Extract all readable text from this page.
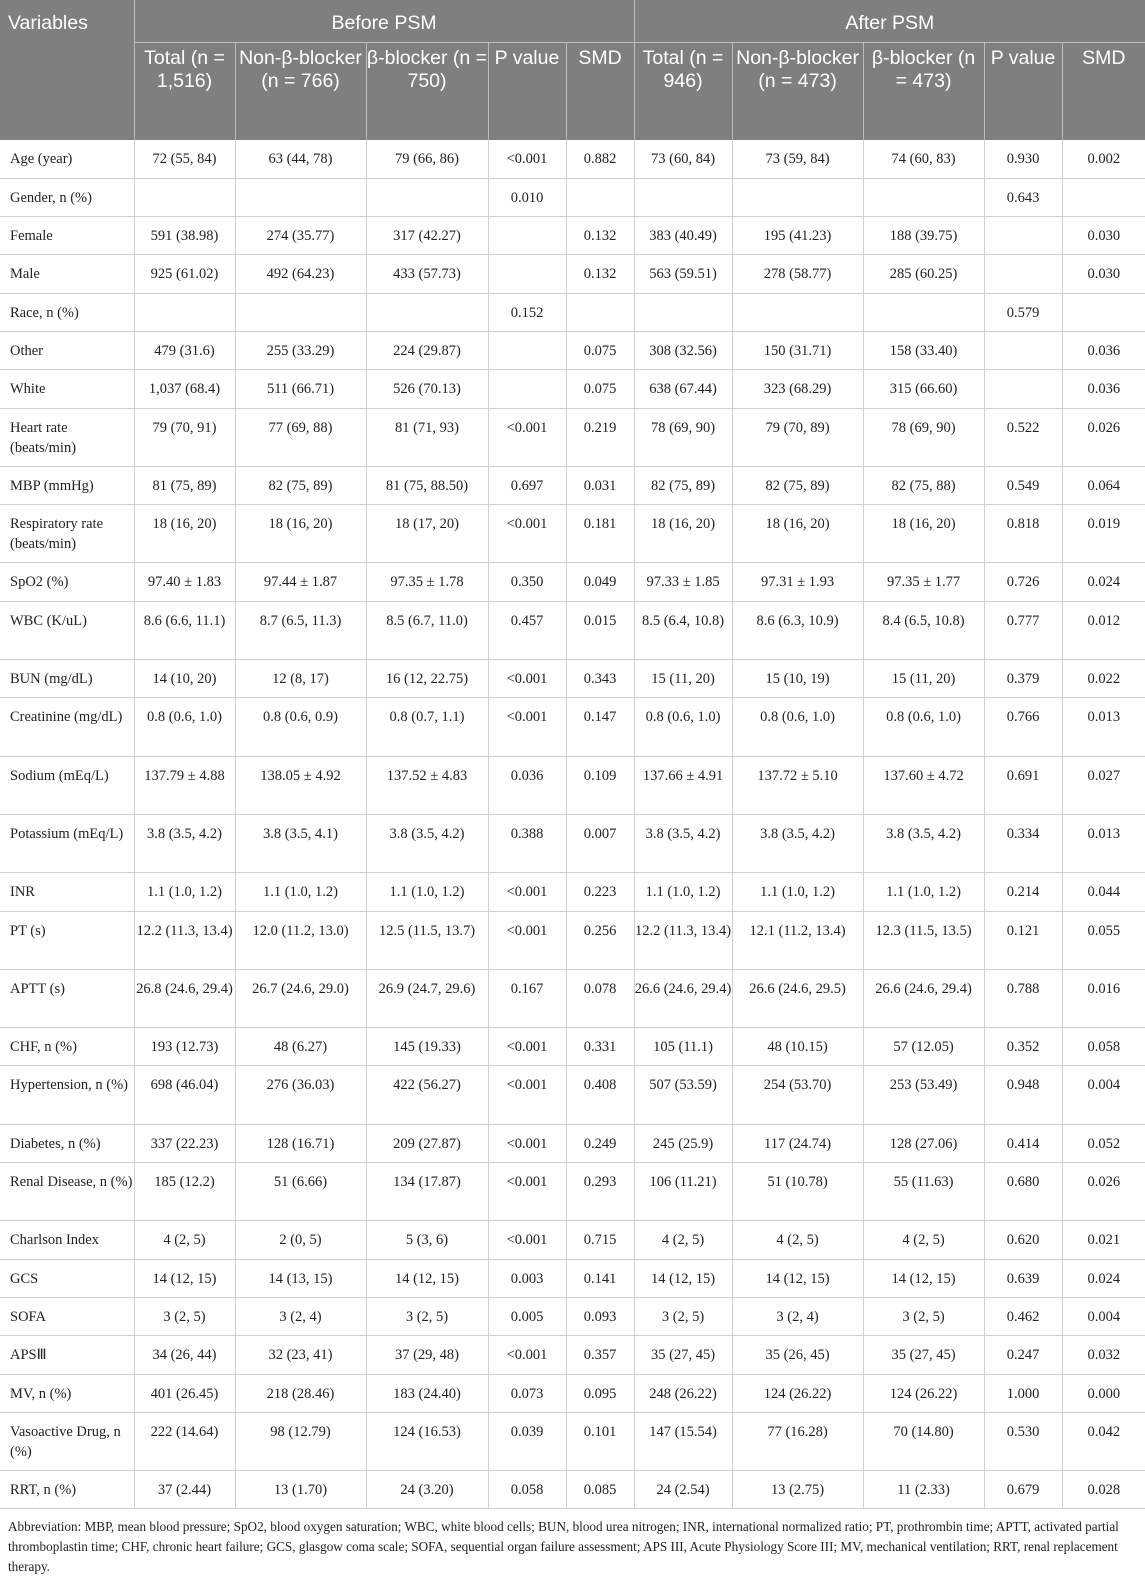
Variables	Before PSM					After PSM				
	Total (n = 1,516)	Non-β-blocker (n = 766)	β-blocker (n = 750)	P value	SMD	Total (n = 946)	Non-β-blocker (n = 473)	β-blocker (n = 473)	P value	SMD
Age (year)	72 (55, 84)	63 (44, 78)	79 (66, 86)	<0.001	0.882	73 (60, 84)	73 (59, 84)	74 (60, 83)	0.930	0.002
Gender, n (%)				0.010					0.643	
Female	591 (38.98)	274 (35.77)	317 (42.27)		0.132	383 (40.49)	195 (41.23)	188 (39.75)		0.030
Male	925 (61.02)	492 (64.23)	433 (57.73)		0.132	563 (59.51)	278 (58.77)	285 (60.25)		0.030
Race, n (%)				0.152					0.579	
Other	479 (31.6)	255 (33.29)	224 (29.87)		0.075	308 (32.56)	150 (31.71)	158 (33.40)		0.036
White	1,037 (68.4)	511 (66.71)	526 (70.13)		0.075	638 (67.44)	323 (68.29)	315 (66.60)		0.036
Heart rate (beats/min)	79 (70, 91)	77 (69, 88)	81 (71, 93)	<0.001	0.219	78 (69, 90)	79 (70, 89)	78 (69, 90)	0.522	0.026
MBP (mmHg)	81 (75, 89)	82 (75, 89)	81 (75, 88.50)	0.697	0.031	82 (75, 89)	82 (75, 89)	82 (75, 88)	0.549	0.064
Respiratory rate (beats/min)	18 (16, 20)	18 (16, 20)	18 (17, 20)	<0.001	0.181	18 (16, 20)	18 (16, 20)	18 (16, 20)	0.818	0.019
SpO2 (%)	97.40 ± 1.83	97.44 ± 1.87	97.35 ± 1.78	0.350	0.049	97.33 ± 1.85	97.31 ± 1.93	97.35 ± 1.77	0.726	0.024
WBC (K/uL)	8.6 (6.6, 11.1)	8.7 (6.5, 11.3)	8.5 (6.7, 11.0)	0.457	0.015	8.5 (6.4, 10.8)	8.6 (6.3, 10.9)	8.4 (6.5, 10.8)	0.777	0.012
BUN (mg/dL)	14 (10, 20)	12 (8, 17)	16 (12, 22.75)	<0.001	0.343	15 (11, 20)	15 (10, 19)	15 (11, 20)	0.379	0.022
Creatinine (mg/dL)	0.8 (0.6, 1.0)	0.8 (0.6, 0.9)	0.8 (0.7, 1.1)	<0.001	0.147	0.8 (0.6, 1.0)	0.8 (0.6, 1.0)	0.8 (0.6, 1.0)	0.766	0.013
Sodium (mEq/L)	137.79 ± 4.88	138.05 ± 4.92	137.52 ± 4.83	0.036	0.109	137.66 ± 4.91	137.72 ± 5.10	137.60 ± 4.72	0.691	0.027
Potassium (mEq/L)	3.8 (3.5, 4.2)	3.8 (3.5, 4.1)	3.8 (3.5, 4.2)	0.388	0.007	3.8 (3.5, 4.2)	3.8 (3.5, 4.2)	3.8 (3.5, 4.2)	0.334	0.013
INR	1.1 (1.0, 1.2)	1.1 (1.0, 1.2)	1.1 (1.0, 1.2)	<0.001	0.223	1.1 (1.0, 1.2)	1.1 (1.0, 1.2)	1.1 (1.0, 1.2)	0.214	0.044
PT (s)	12.2 (11.3, 13.4)	12.0 (11.2, 13.0)	12.5 (11.5, 13.7)	<0.001	0.256	12.2 (11.3, 13.4)	12.1 (11.2, 13.4)	12.3 (11.5, 13.5)	0.121	0.055
APTT (s)	26.8 (24.6, 29.4)	26.7 (24.6, 29.0)	26.9 (24.7, 29.6)	0.167	0.078	26.6 (24.6, 29.4)	26.6 (24.6, 29.5)	26.6 (24.6, 29.4)	0.788	0.016
CHF, n (%)	193 (12.73)	48 (6.27)	145 (19.33)	<0.001	0.331	105 (11.1)	48 (10.15)	57 (12.05)	0.352	0.058
Hypertension, n (%)	698 (46.04)	276 (36.03)	422 (56.27)	<0.001	0.408	507 (53.59)	254 (53.70)	253 (53.49)	0.948	0.004
Diabetes, n (%)	337 (22.23)	128 (16.71)	209 (27.87)	<0.001	0.249	245 (25.9)	117 (24.74)	128 (27.06)	0.414	0.052
Renal Disease, n (%)	185 (12.2)	51 (6.66)	134 (17.87)	<0.001	0.293	106 (11.21)	51 (10.78)	55 (11.63)	0.680	0.026
Charlson Index	4 (2, 5)	2 (0, 5)	5 (3, 6)	<0.001	0.715	4 (2, 5)	4 (2, 5)	4 (2, 5)	0.620	0.021
GCS	14 (12, 15)	14 (13, 15)	14 (12, 15)	0.003	0.141	14 (12, 15)	14 (12, 15)	14 (12, 15)	0.639	0.024
SOFA	3 (2, 5)	3 (2, 4)	3 (2, 5)	0.005	0.093	3 (2, 5)	3 (2, 4)	3 (2, 5)	0.462	0.004
APSⅢ	34 (26, 44)	32 (23, 41)	37 (29, 48)	<0.001	0.357	35 (27, 45)	35 (26, 45)	35 (27, 45)	0.247	0.032
MV, n (%)	401 (26.45)	218 (28.46)	183 (24.40)	0.073	0.095	248 (26.22)	124 (26.22)	124 (26.22)	1.000	0.000
Vasoactive Drug, n (%)	222 (14.64)	98 (12.79)	124 (16.53)	0.039	0.101	147 (15.54)	77 (16.28)	70 (14.80)	0.530	0.042
RRT, n (%)	37 (2.44)	13 (1.70)	24 (3.20)	0.058	0.085	24 (2.54)	13 (2.75)	11 (2.33)	0.679	0.028
Abbreviation: MBP, mean blood pressure; SpO2, blood oxygen saturation; WBC, white blood cells; BUN, blood urea nitrogen; INR, international normalized ratio; PT, prothrombin time; APTT, activated partial thromboplastin time; CHF, chronic heart failure; GCS, glasgow coma scale; SOFA, sequential organ failure assessment; APS III, Acute Physiology Score III; MV, mechanical ventilation; RRT, renal replacement therapy.
